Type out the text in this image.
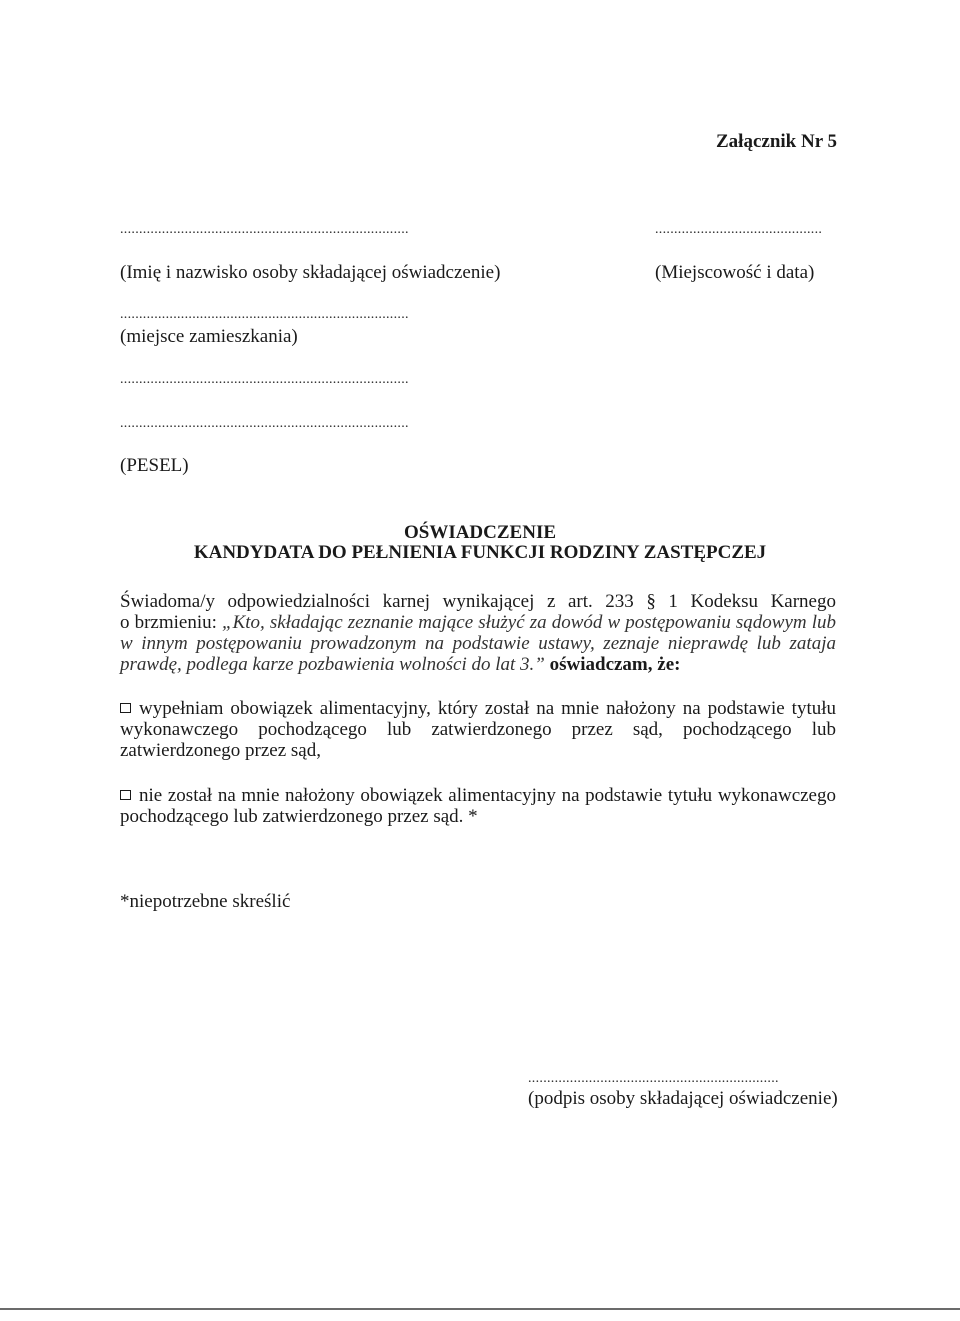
Załącznik Nr 5
............................................................................
(Imię i nazwisko osoby składającej oświadczenie)
............................................
(Miejscowość i data)
............................................................................
(miejsce zamieszkania)
............................................................................
............................................................................
(PESEL)
OŚWIADCZENIE
KANDYDATA DO PEŁNIENIA FUNKCJI RODZINY ZASTĘPCZEJ
Świadoma/y odpowiedzialności karnej wynikającej z art. 233 § 1 Kodeksu Karnego
o brzmieniu: „Kto, składając zeznanie mające służyć za dowód w postępowaniu sądowym lub
w innym postępowaniu prowadzonym na podstawie ustawy, zeznaje nieprawdę lub zataja
prawdę, podlega karze pozbawienia wolności do lat 3.” oświadczam, że:
wypełniam obowiązek alimentacyjny, który został na mnie nałożony na podstawie tytułu
wykonawczego pochodzącego lub zatwierdzonego przez sąd, pochodzącego lub
zatwierdzonego przez sąd,
nie został na mnie nałożony obowiązek alimentacyjny na podstawie tytułu wykonawczego
pochodzącego lub zatwierdzonego przez sąd. *
*niepotrzebne skreślić
..................................................................
(podpis osoby składającej oświadczenie)
